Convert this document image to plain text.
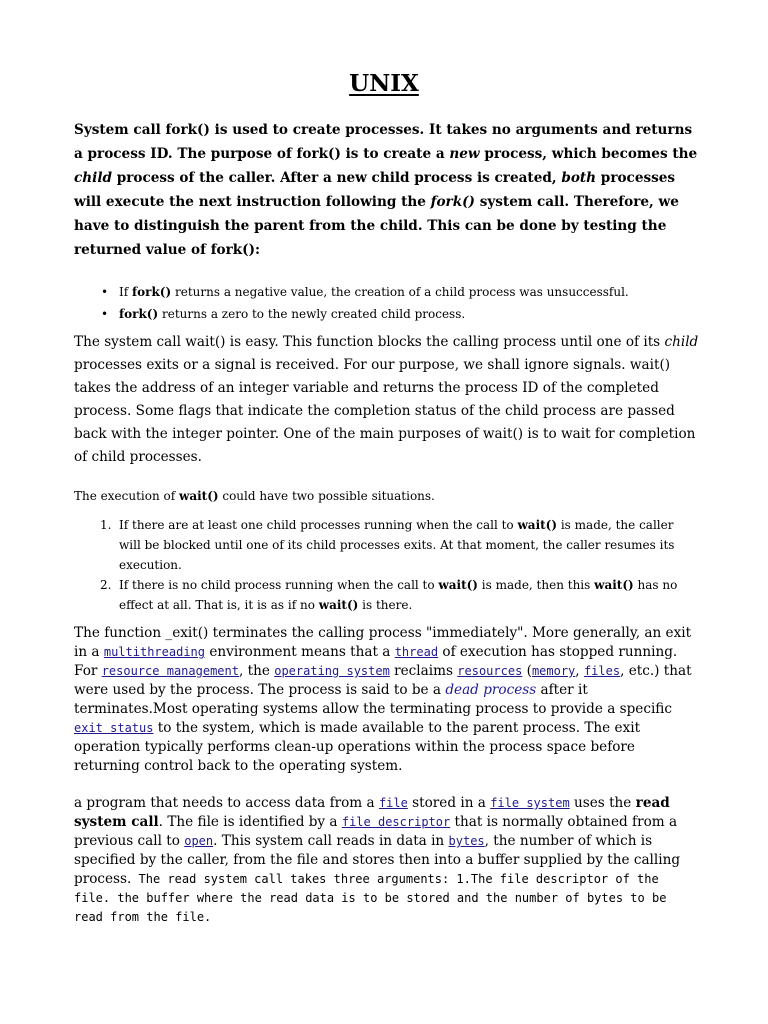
UNIX

System call fork() is used to create processes. It takes no arguments and returns a process ID. The purpose of fork() is to create a new process, which becomes the child process of the caller. After a new child process is created, both processes will execute the next instruction following the fork() system call. Therefore, we have to distinguish the parent from the child. This can be done by testing the returned value of fork():

• If fork() returns a negative value, the creation of a child process was unsuccessful.
• fork() returns a zero to the newly created child process.

The system call wait() is easy. This function blocks the calling process until one of its child processes exits or a signal is received. For our purpose, we shall ignore signals. wait() takes the address of an integer variable and returns the process ID of the completed process. Some flags that indicate the completion status of the child process are passed back with the integer pointer. One of the main purposes of wait() is to wait for completion of child processes.

The execution of wait() could have two possible situations.

1. If there are at least one child processes running when the call to wait() is made, the caller will be blocked until one of its child processes exits. At that moment, the caller resumes its execution.
2. If there is no child process running when the call to wait() is made, then this wait() has no effect at all. That is, it is as if no wait() is there.

The function _exit() terminates the calling process "immediately". More generally, an exit in a multithreading environment means that a thread of execution has stopped running. For resource management, the operating system reclaims resources (memory, files, etc.) that were used by the process. The process is said to be a dead process after it terminates.Most operating systems allow the terminating process to provide a specific exit status to the system, which is made available to the parent process. The exit operation typically performs clean-up operations within the process space before returning control back to the operating system.

a program that needs to access data from a file stored in a file system uses the read system call. The file is identified by a file descriptor that is normally obtained from a previous call to open. This system call reads in data in bytes, the number of which is specified by the caller, from the file and stores then into a buffer supplied by the calling process. The read system call takes three arguments: 1.The file descriptor of the file. the buffer where the read data is to be stored and the number of bytes to be read from the file.
